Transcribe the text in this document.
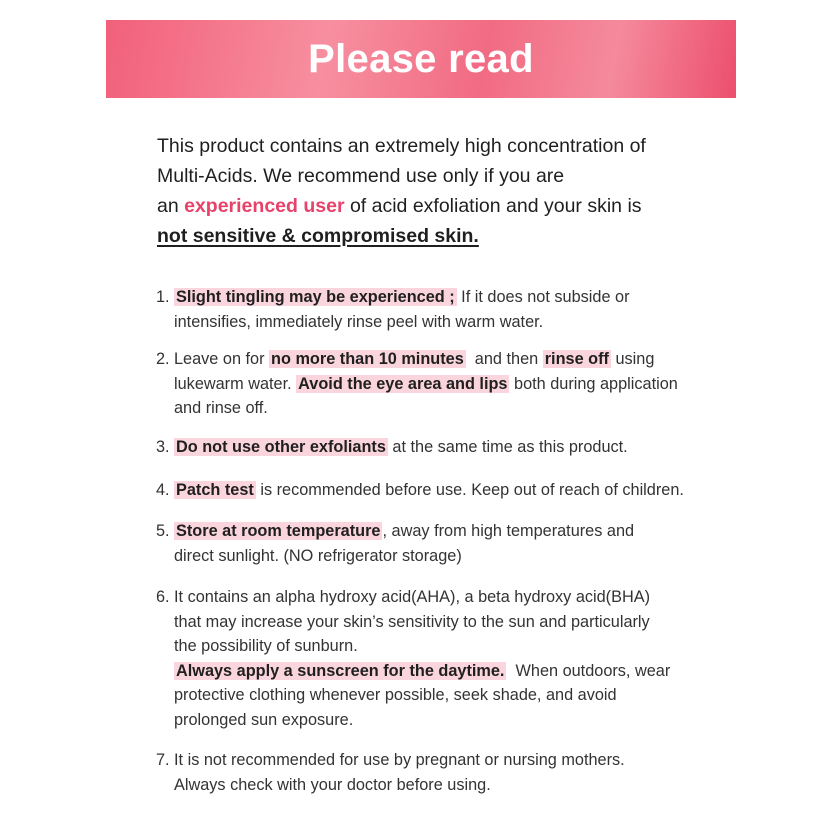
Please read
This product contains an extremely high concentration of
Multi-Acids. We recommend use only if you are
an experienced user of acid exfoliation and your skin is
not sensitive & compromised skin.
1. Slight tingling may be experienced ; If it does not subside or
intensifies, immediately rinse peel with warm water.
2. Leave on for no more than 10 minutes  and then rinse off using
lukewarm water. Avoid the eye area and lips both during application
and rinse off.
3. Do not use other exfoliants at the same time as this product.
4. Patch test is recommended before use. Keep out of reach of children.
5. Store at room temperature , away from high temperatures and
direct sunlight. (NO refrigerator storage)
6. It contains an alpha hydroxy acid(AHA), a beta hydroxy acid(BHA)
that may increase your skin’s sensitivity to the sun and particularly
the possibility of sunburn.
Always apply a sunscreen for the daytime.  When outdoors, wear
protective clothing whenever possible, seek shade, and avoid
prolonged sun exposure.
7. It is not recommended for use by pregnant or nursing mothers.
Always check with your doctor before using.
